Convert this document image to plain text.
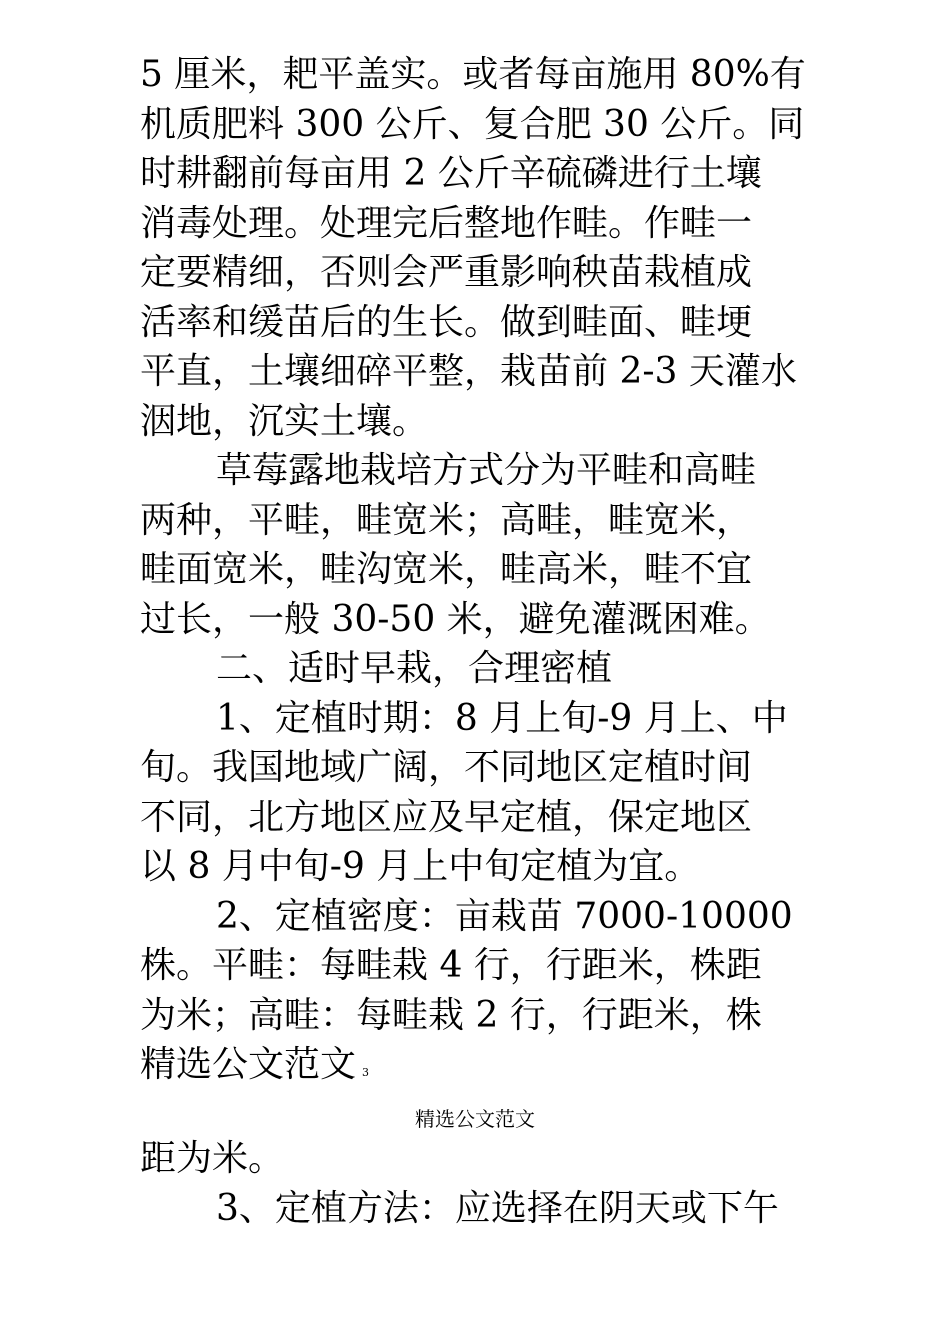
5 厘米，耙平盖实。或者每亩施用 80%有
机质肥料 300 公斤、复合肥 30 公斤。同
时耕翻前每亩用 2 公斤辛硫磷进行土壤
消毒处理。处理完后整地作畦。作畦一
定要精细，否则会严重影响秧苗栽植成
活率和缓苗后的生长。做到畦面、畦埂
平直，土壤细碎平整，栽苗前 2-3 天灌水
洇地，沉实土壤。
草莓露地栽培方式分为平畦和高畦
两种，平畦，畦宽米；高畦，畦宽米，
畦面宽米，畦沟宽米，畦高米，畦不宜
过长，一般 30-50 米，避免灌溉困难。
二、适时早栽，合理密植
1、定植时期：8 月上旬-9 月上、中
旬。我国地域广阔，不同地区定植时间
不同，北方地区应及早定植，保定地区
以 8 月中旬-9 月上中旬定植为宜。
2、定植密度：亩栽苗 7000-10000
株。平畦：每畦栽 4 行，行距米，株距
为米；高畦：每畦栽 2 行，行距米，株
精选公文范文 3
精选公文范文
距为米。
3、定植方法：应选择在阴天或下午
